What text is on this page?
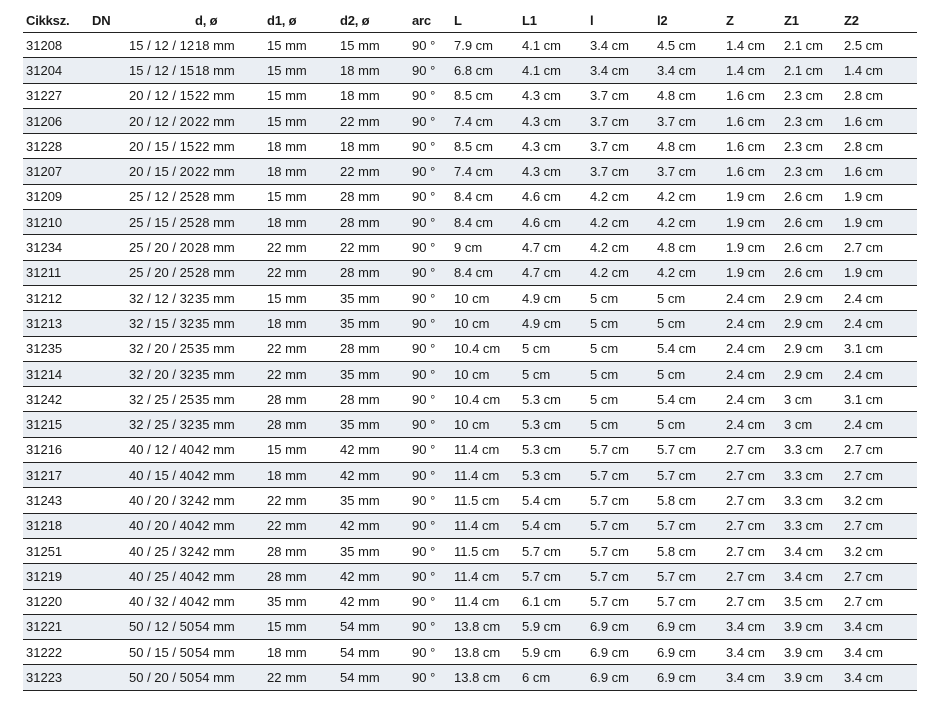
Cikksz.	DN	d, ø	d1, ø	d2, ø	arc	L	L1	l	l2	Z	Z1	Z2
31208	15 / 12 / 12	18 mm	15 mm	15 mm	90 °	7.9 cm	4.1 cm	3.4 cm	4.5 cm	1.4 cm	2.1 cm	2.5 cm
31204	15 / 12 / 15	18 mm	15 mm	18 mm	90 °	6.8 cm	4.1 cm	3.4 cm	3.4 cm	1.4 cm	2.1 cm	1.4 cm
31227	20 / 12 / 15	22 mm	15 mm	18 mm	90 °	8.5 cm	4.3 cm	3.7 cm	4.8 cm	1.6 cm	2.3 cm	2.8 cm
31206	20 / 12 / 20	22 mm	15 mm	22 mm	90 °	7.4 cm	4.3 cm	3.7 cm	3.7 cm	1.6 cm	2.3 cm	1.6 cm
31228	20 / 15 / 15	22 mm	18 mm	18 mm	90 °	8.5 cm	4.3 cm	3.7 cm	4.8 cm	1.6 cm	2.3 cm	2.8 cm
31207	20 / 15 / 20	22 mm	18 mm	22 mm	90 °	7.4 cm	4.3 cm	3.7 cm	3.7 cm	1.6 cm	2.3 cm	1.6 cm
31209	25 / 12 / 25	28 mm	15 mm	28 mm	90 °	8.4 cm	4.6 cm	4.2 cm	4.2 cm	1.9 cm	2.6 cm	1.9 cm
31210	25 / 15 / 25	28 mm	18 mm	28 mm	90 °	8.4 cm	4.6 cm	4.2 cm	4.2 cm	1.9 cm	2.6 cm	1.9 cm
31234	25 / 20 / 20	28 mm	22 mm	22 mm	90 °	9 cm	4.7 cm	4.2 cm	4.8 cm	1.9 cm	2.6 cm	2.7 cm
31211	25 / 20 / 25	28 mm	22 mm	28 mm	90 °	8.4 cm	4.7 cm	4.2 cm	4.2 cm	1.9 cm	2.6 cm	1.9 cm
31212	32 / 12 / 32	35 mm	15 mm	35 mm	90 °	10 cm	4.9 cm	5 cm	5 cm	2.4 cm	2.9 cm	2.4 cm
31213	32 / 15 / 32	35 mm	18 mm	35 mm	90 °	10 cm	4.9 cm	5 cm	5 cm	2.4 cm	2.9 cm	2.4 cm
31235	32 / 20 / 25	35 mm	22 mm	28 mm	90 °	10.4 cm	5 cm	5 cm	5.4 cm	2.4 cm	2.9 cm	3.1 cm
31214	32 / 20 / 32	35 mm	22 mm	35 mm	90 °	10 cm	5 cm	5 cm	5 cm	2.4 cm	2.9 cm	2.4 cm
31242	32 / 25 / 25	35 mm	28 mm	28 mm	90 °	10.4 cm	5.3 cm	5 cm	5.4 cm	2.4 cm	3 cm	3.1 cm
31215	32 / 25 / 32	35 mm	28 mm	35 mm	90 °	10 cm	5.3 cm	5 cm	5 cm	2.4 cm	3 cm	2.4 cm
31216	40 / 12 / 40	42 mm	15 mm	42 mm	90 °	11.4 cm	5.3 cm	5.7 cm	5.7 cm	2.7 cm	3.3 cm	2.7 cm
31217	40 / 15 / 40	42 mm	18 mm	42 mm	90 °	11.4 cm	5.3 cm	5.7 cm	5.7 cm	2.7 cm	3.3 cm	2.7 cm
31243	40 / 20 / 32	42 mm	22 mm	35 mm	90 °	11.5 cm	5.4 cm	5.7 cm	5.8 cm	2.7 cm	3.3 cm	3.2 cm
31218	40 / 20 / 40	42 mm	22 mm	42 mm	90 °	11.4 cm	5.4 cm	5.7 cm	5.7 cm	2.7 cm	3.3 cm	2.7 cm
31251	40 / 25 / 32	42 mm	28 mm	35 mm	90 °	11.5 cm	5.7 cm	5.7 cm	5.8 cm	2.7 cm	3.4 cm	3.2 cm
31219	40 / 25 / 40	42 mm	28 mm	42 mm	90 °	11.4 cm	5.7 cm	5.7 cm	5.7 cm	2.7 cm	3.4 cm	2.7 cm
31220	40 / 32 / 40	42 mm	35 mm	42 mm	90 °	11.4 cm	6.1 cm	5.7 cm	5.7 cm	2.7 cm	3.5 cm	2.7 cm
31221	50 / 12 / 50	54 mm	15 mm	54 mm	90 °	13.8 cm	5.9 cm	6.9 cm	6.9 cm	3.4 cm	3.9 cm	3.4 cm
31222	50 / 15 / 50	54 mm	18 mm	54 mm	90 °	13.8 cm	5.9 cm	6.9 cm	6.9 cm	3.4 cm	3.9 cm	3.4 cm
31223	50 / 20 / 50	54 mm	22 mm	54 mm	90 °	13.8 cm	6 cm	6.9 cm	6.9 cm	3.4 cm	3.9 cm	3.4 cm
